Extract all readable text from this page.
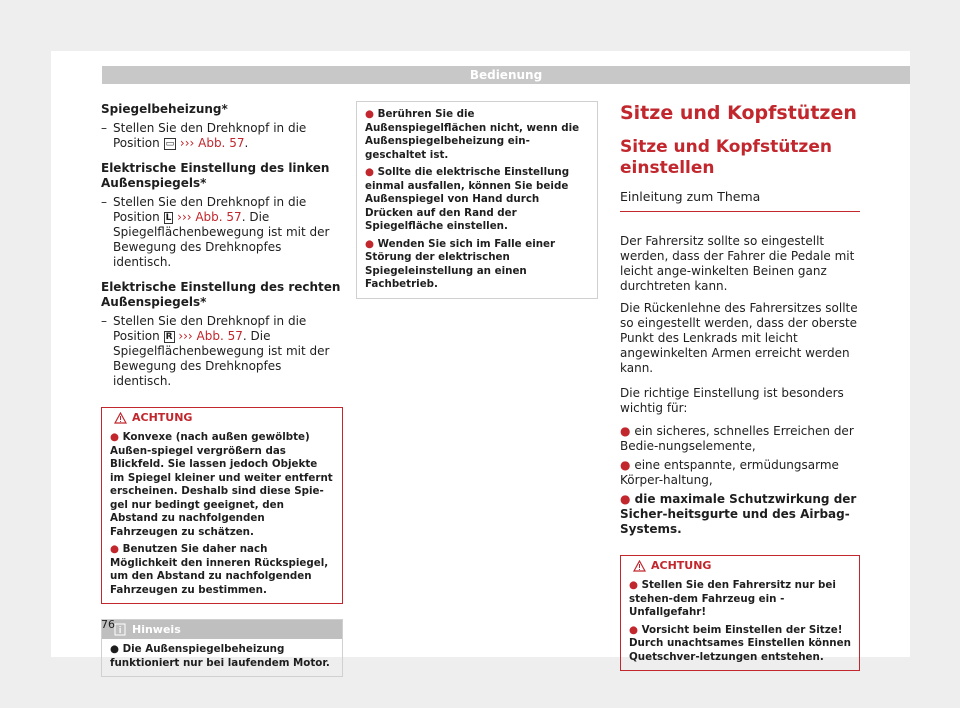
Bedienung

Spiegelbeheizung*

– Stellen Sie den Drehknopf in die Position ▭ ››› Abb. 57.

Elektrische Einstellung des linken Außenspiegels*

– Stellen Sie den Drehknopf in die Position L ››› Abb. 57. Die Spiegelflächenbewegung ist mit der Bewegung des Drehknopfes identisch.

Elektrische Einstellung des rechten Außenspiegels*

– Stellen Sie den Drehknopf in die Position R ››› Abb. 57. Die Spiegelflächenbewegung ist mit der Bewegung des Drehknopfes identisch.
ACHTUNG

● Konvexe (nach außen gewölbte) Außen-spiegel vergrößern das Blickfeld. Sie lassen jedoch Objekte im Spiegel kleiner und weiter entfernt erscheinen. Deshalb sind diese Spie-gel nur bedingt geeignet, den Abstand zu nachfolgenden Fahrzeugen zu schätzen.

● Benutzen Sie daher nach Möglichkeit den inneren Rückspiegel, um den Abstand zu nachfolgenden Fahrzeugen zu bestimmen.

Hinweis

● Die Außenspiegelbeheizung funktioniert nur bei laufendem Motor.

● Berühren Sie die Außenspiegelflächen nicht, wenn die Außenspiegelbeheizung ein-geschaltet ist.

● Sollte die elektrische Einstellung einmal ausfallen, können Sie beide Außenspiegel von Hand durch Drücken auf den Rand der Spiegelfläche einstellen.

● Wenden Sie sich im Falle einer Störung der elektrischen Spiegeleinstellung an einen Fachbetrieb.

Sitze und Kopfstützen
Sitze und Kopfstützen einstellen
Einleitung zum Thema

Der Fahrersitz sollte so eingestellt werden, dass der Fahrer die Pedale mit leicht ange-winkelten Beinen ganz durchtreten kann.

Die Rückenlehne des Fahrersitzes sollte so eingestellt werden, dass der oberste Punkt des Lenkrads mit leicht angewinkelten Armen erreicht werden kann.

Die richtige Einstellung ist besonders wichtig für:

● ein sicheres, schnelles Erreichen der Bedie-nungselemente,

● eine entspannte, ermüdungsarme Körper-haltung,

● die maximale Schutzwirkung der Sicher-heitsgurte und des Airbag-Systems.

ACHTUNG

● Stellen Sie den Fahrersitz nur bei stehen-dem Fahrzeug ein - Unfallgefahr!

● Vorsicht beim Einstellen der Sitze! Durch unachtsames Einstellen können Quetschver-letzungen entstehen.

76
